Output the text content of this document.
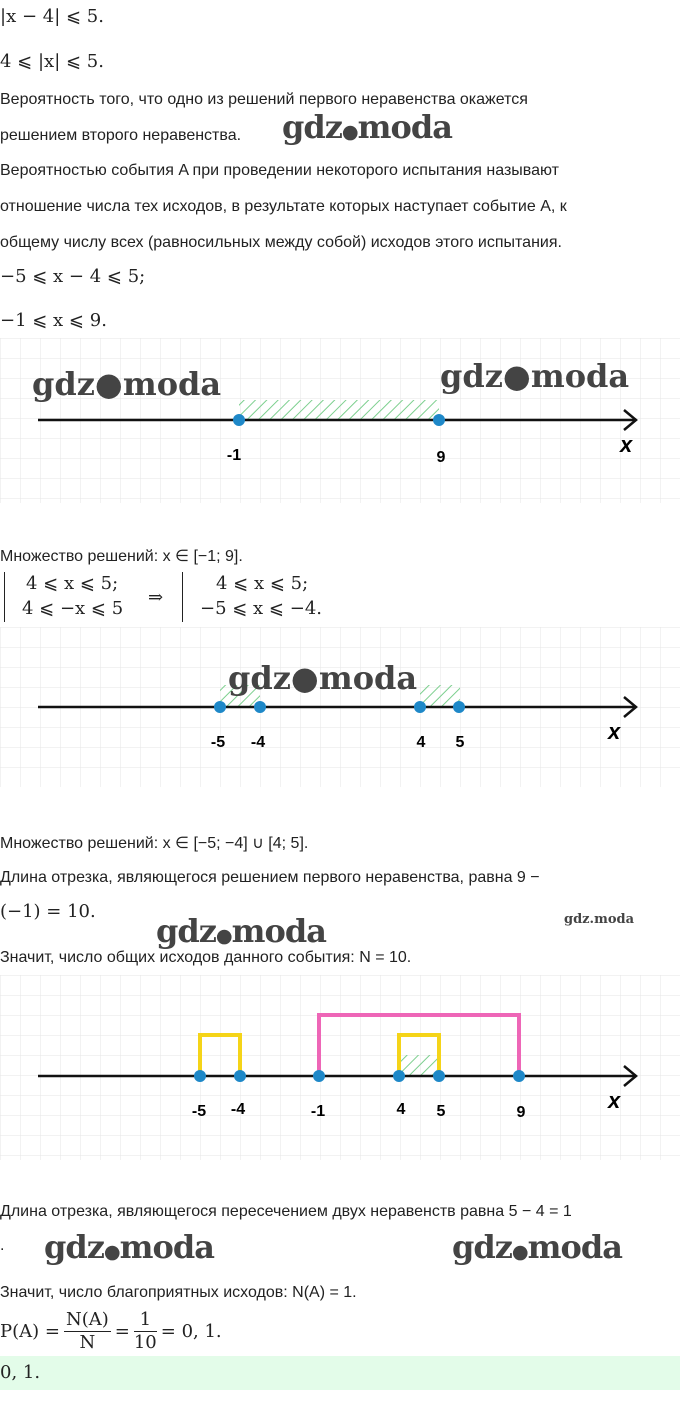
|x − 4| ⩽ 5.
4 ⩽ |x| ⩽ 5.
Вероятность того, что одно из решений первого неравенства окажется
решением второго неравенства.
Вероятностью события A при проведении некоторого испытания называют
отношение числа тех исходов, в результате которых наступает событие A, к
общему числу всех (равносильных между собой) исходов этого испытания.
−5 ⩽ x − 4 ⩽ 5;
−1 ⩽ x ⩽ 9.
gdz●moda
x
-1	9
gdz●moda	gdz●moda
Множество решений: x ∈ [−1; 9].
4 ⩽ x ⩽ 5;
4 ⩽ −x ⩽ 5
⇒
4 ⩽ x ⩽ 5;
−5 ⩽ x ⩽ −4.
x
-5 -4	4 5
gdz●moda
Множество решений: x ∈ [−5; −4] ∪ [4; 5].
Длина отрезка, являющегося решением первого неравенства, равна 9 −
(−1) = 10.
gdz●moda	gdz.moda
Значит, число общих исходов данного события: N = 10.
x
-5 -4	-1	4 5	9
Длина отрезка, являющегося пересечением двух неравенств равна 5 − 4 = 1
. gdz●moda	gdz●moda
Значит, число благоприятных исходов: N(A) = 1.
$P(A) = \frac{N(A)}{N} = \frac{1}{10} = 0$, 1.
0, 1.
